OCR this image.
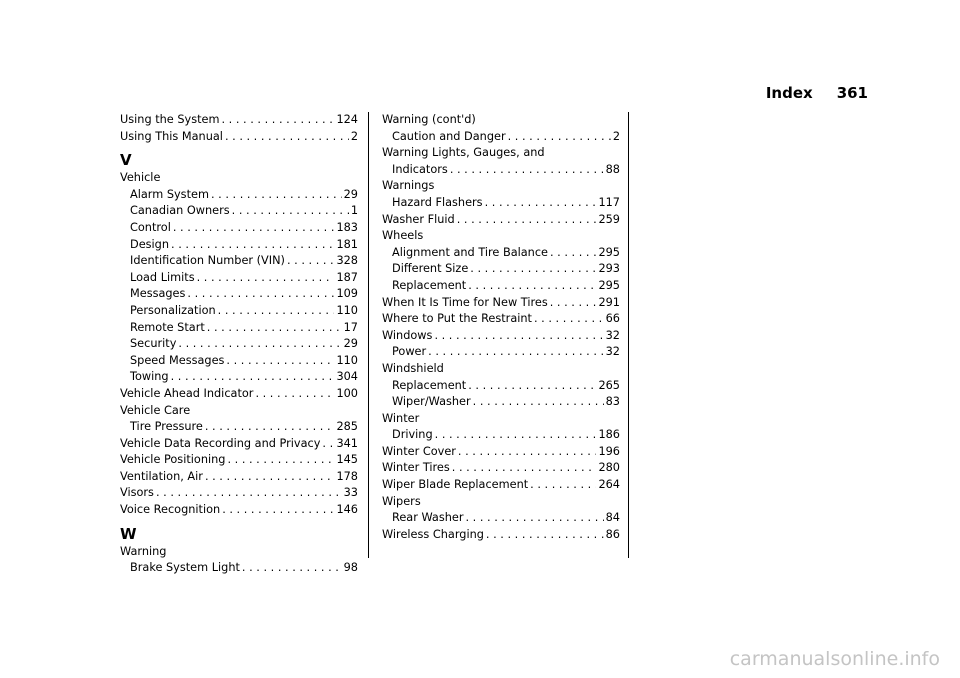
Index 361
Using the System . . .	124
Using This Manual . . .	2
V
Vehicle
Alarm System . . .	29
Canadian Owners . . .	1
Control . . .	183
Design . . .	181
Identification Number (VIN) . . .	328
Load Limits . . .	187
Messages . . .	109
Personalization . . .	110
Remote Start . . .	17
Security . . .	29
Speed Messages . . .	110
Towing . . .	304
Vehicle Ahead Indicator . . .	100
Vehicle Care
Tire Pressure . . .	285
Vehicle Data Recording and Privacy . . . 341
Vehicle Positioning . . .	145
Ventilation, Air . . .	178
Visors . . .	33
Voice Recognition . . .	146
W
Warning
Brake System Light . . .	98
Warning (cont'd)
Caution and Danger . . .	2
Warning Lights, Gauges, and
Indicators . . .	88
Warnings
Hazard Flashers . . .	117
Washer Fluid . . .	259
Wheels
Alignment and Tire Balance . . .	295
Different Size . . .	293
Replacement . . .	295
When It Is Time for New Tires . . .	291
Where to Put the Restraint . . .	66
Windows . . .	32
Power . . .	32
Windshield
Replacement . . .	265
Wiper/Washer . . .	83
Winter
Driving . . .	186
Winter Cover . . .	196
Winter Tires . . .	280
Wiper Blade Replacement . . .	264
Wipers
Rear Washer . . .	84
Wireless Charging . . .	86
carmanualsonline.info
